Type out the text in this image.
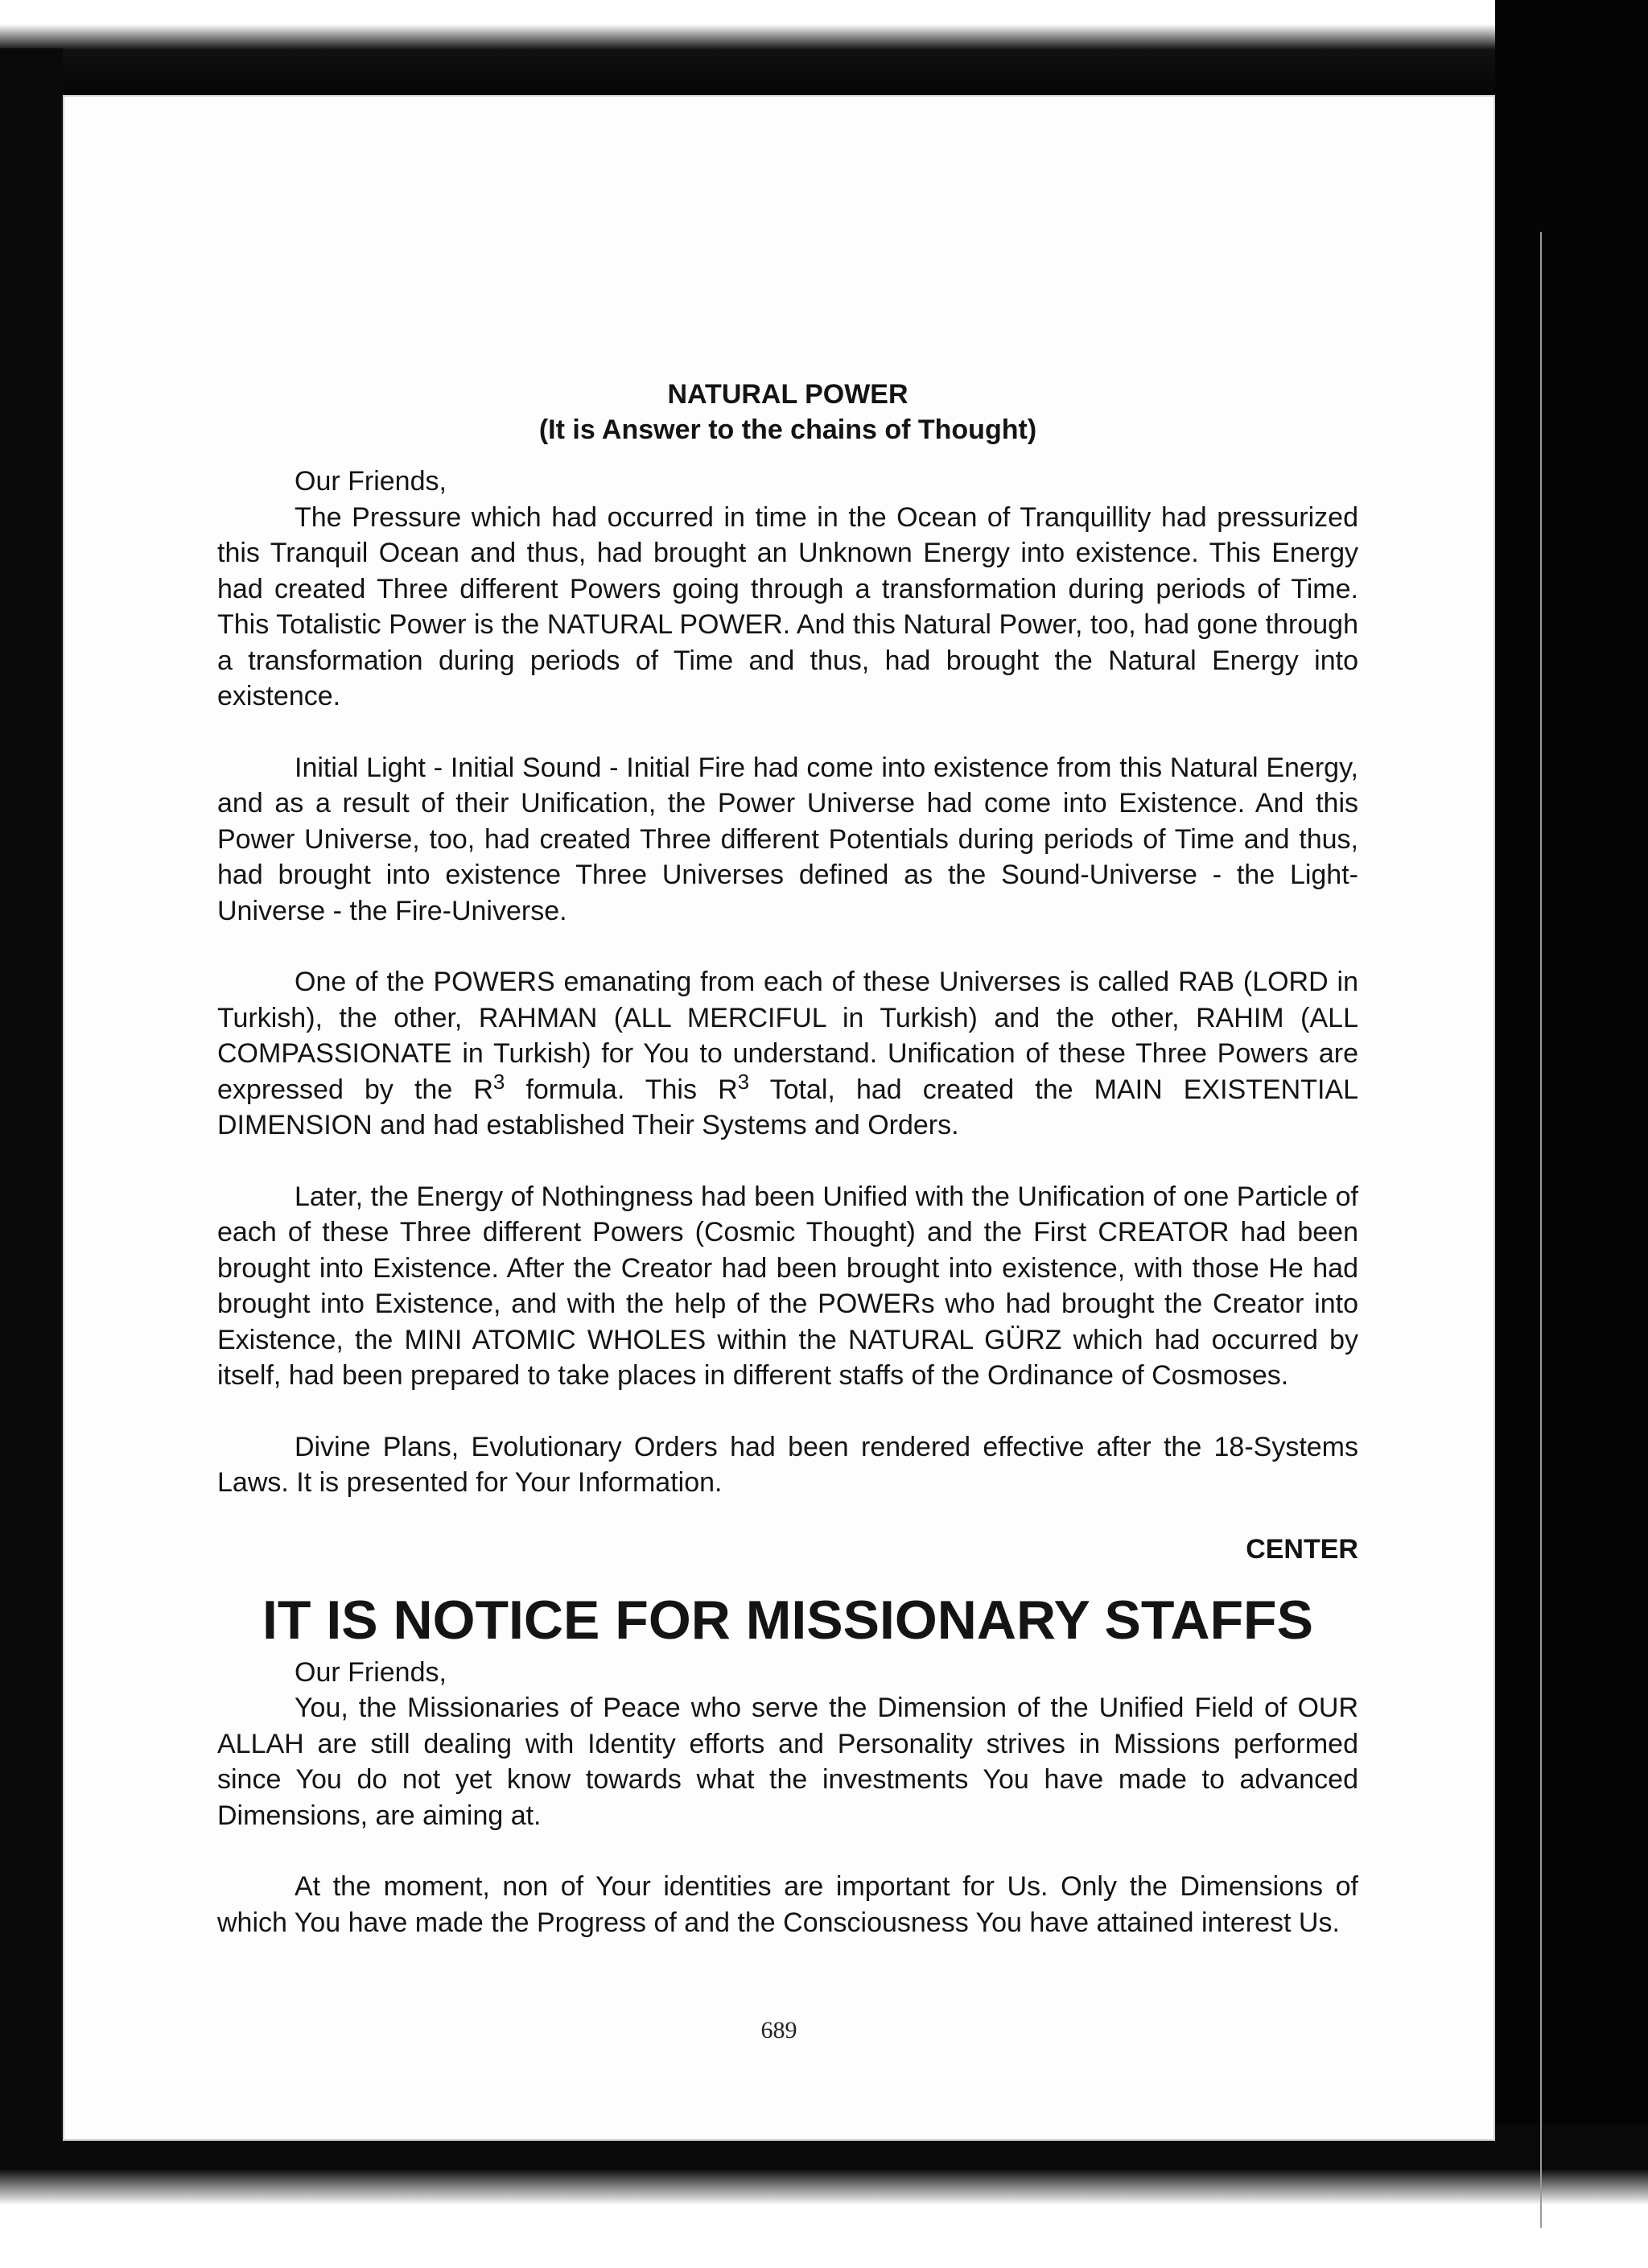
NATURAL POWER
(It is Answer to the chains of Thought)

Our Friends,

The Pressure which had occurred in time in the Ocean of Tranquillity had pressurized this Tranquil Ocean and thus, had brought an Unknown Energy into existence. This Energy had created Three different Powers going through a transformation during periods of Time. This Totalistic Power is the NATURAL POWER. And this Natural Power, too, had gone through a transformation during periods of Time and thus, had brought the Natural Energy into existence.

Initial Light - Initial Sound - Initial Fire had come into existence from this Natural Energy, and as a result of their Unification, the Power Universe had come into Existence. And this Power Universe, too, had created Three different Potentials during periods of Time and thus, had brought into existence Three Universes defined as the Sound-Universe - the Light-Universe - the Fire-Universe.

One of the POWERS emanating from each of these Universes is called RAB (LORD in Turkish), the other, RAHMAN (ALL MERCIFUL in Turkish) and the other, RAHIM (ALL COMPASSIONATE in Turkish) for You to understand. Unification of these Three Powers are expressed by the $R^3$ formula. This $R^3$ Total, had created the MAIN EXISTENTIAL DIMENSION and had established Their Systems and Orders.

Later, the Energy of Nothingness had been Unified with the Unification of one Particle of each of these Three different Powers (Cosmic Thought) and the First CREATOR had been brought into Existence. After the Creator had been brought into existence, with those He had brought into Existence, and with the help of the POWERs who had brought the Creator into Existence, the MINI ATOMIC WHOLES within the NATURAL GÜRZ which had occurred by itself, had been prepared to take places in different staffs of the Ordinance of Cosmoses.

Divine Plans, Evolutionary Orders had been rendered effective after the 18-Systems Laws. It is presented for Your Information.

CENTER

IT IS NOTICE FOR MISSIONARY STAFFS

Our Friends,

You, the Missionaries of Peace who serve the Dimension of the Unified Field of OUR ALLAH are still dealing with Identity efforts and Personality strives in Missions performed since You do not yet know towards what the investments You have made to advanced Dimensions, are aiming at.

At the moment, non of Your identities are important for Us. Only the Dimensions of which You have made the Progress of and the Consciousness You have attained interest Us.

689
